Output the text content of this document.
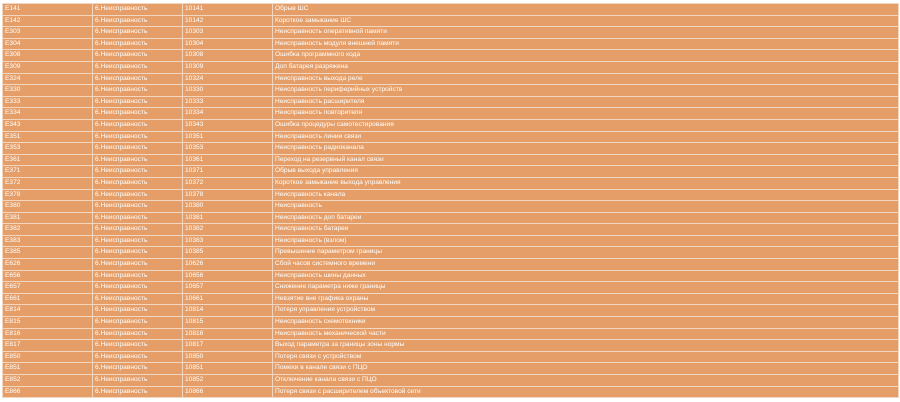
E141	6.Неисправность	10141	Обрыв ШС
E142	6.Неисправность	10142	Короткое замыкание ШС
E303	6.Неисправность	10303	Неисправность оперативной памяти
E304	6.Неисправность	10304	Неисправность модуля внешней памяти
E308	6.Неисправность	10308	Ошибка программного кода
E309	6.Неисправность	10309	Доп батарея разряжена
E324	6.Неисправность	10324	Неисправность выхода реле
E330	6.Неисправность	10330	Неисправность периферийных устройств
E333	6.Неисправность	10333	Неисправность расширителя
E334	6.Неисправность	10334	Неисправность повторителя
E343	6.Неисправность	10343	Ошибка процедуры самотестирования
E351	6.Неисправность	10351	Неисправность линии связи
E353	6.Неисправность	10353	Неисправность радиоканала
E361	6.Неисправность	10361	Переход на резервный канал связи
E371	6.Неисправность	10371	Обрыв выхода управления
E372	6.Неисправность	10372	Короткое замыкание выхода управления
E378	6.Неисправность	10378	Неисправность канала
E380	6.Неисправность	10380	Неисправность
E381	6.Неисправность	10381	Неисправность доп батареи
E382	6.Неисправность	10382	Неисправность батареи
E383	6.Неисправность	10383	Неисправность (взлом)
E385	6.Неисправность	10385	Превышение параметром границы
E626	6.Неисправность	10626	Сбой часов системного времени
E656	6.Неисправность	10656	Неисправность шины данных
E657	6.Неисправность	10657	Снижение параметра ниже границы
E661	6.Неисправность	10661	Невзятие вне графика охраны
E814	6.Неисправность	10814	Потеря управления устройством
E815	6.Неисправность	10815	Неисправность схемотехники
E816	6.Неисправность	10816	Неисправность механической части
E817	6.Неисправность	10817	Выход параметра за границы зоны нормы
E850	6.Неисправность	10850	Потеря связи с устройством
E851	6.Неисправность	10851	Помехи в канале связи с ПЦО
E852	6.Неисправность	10852	Отключение канала связи с ПЦО
E866	6.Неисправность	10866	Потеря связи с расширителем объектовой сети
